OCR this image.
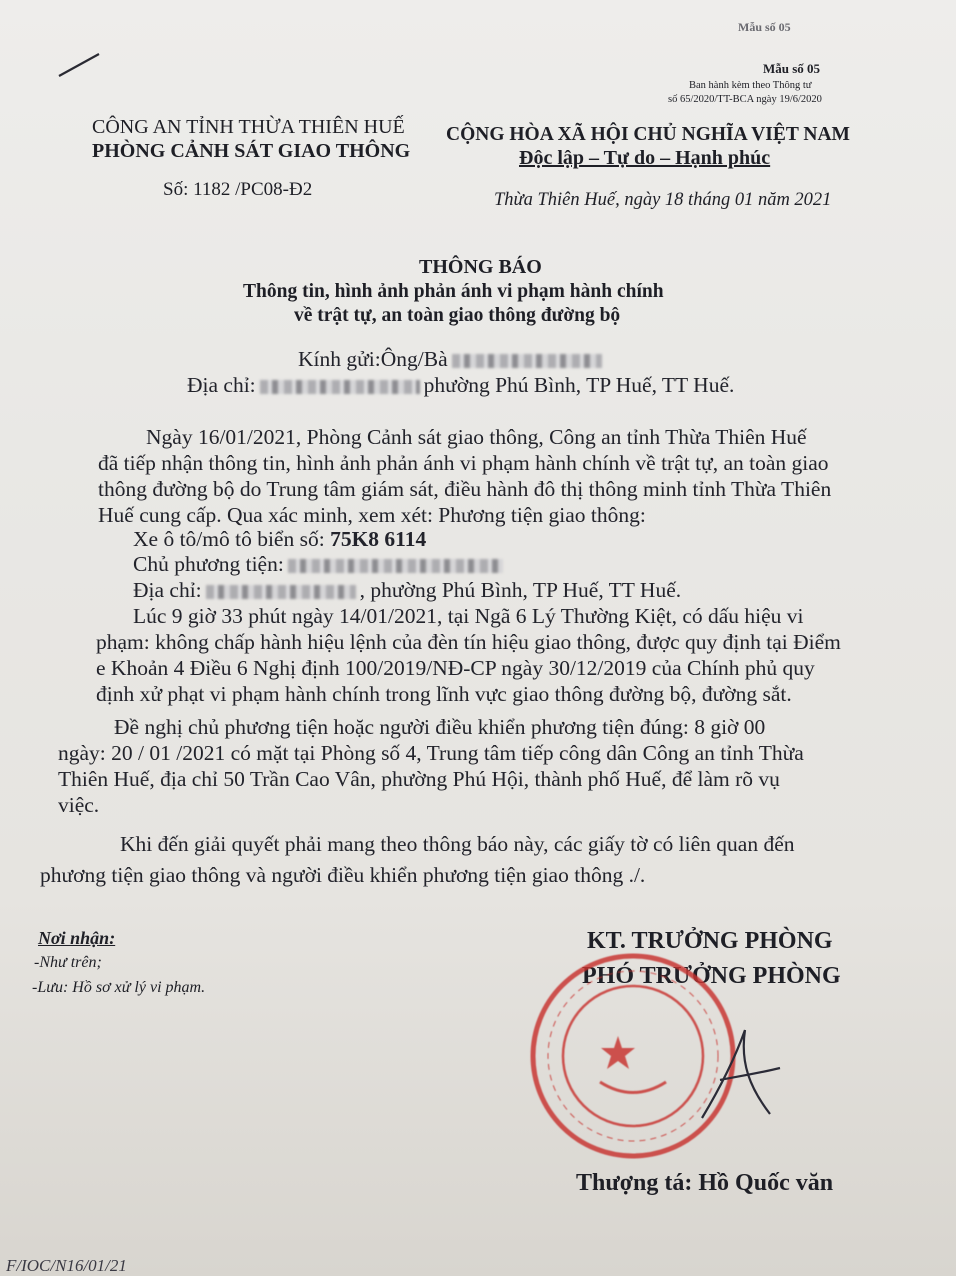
Mẫu số 05
Mẫu số 05
Ban hành kèm theo Thông tư
số 65/2020/TT-BCA ngày 19/6/2020
CÔNG AN TỈNH THỪA THIÊN HUẾ
PHÒNG CẢNH SÁT GIAO THÔNG
Số: 1182 /PC08-Đ2
CỘNG HÒA XÃ HỘI CHỦ NGHĨA VIỆT NAM
Độc lập – Tự do – Hạnh phúc
Thừa Thiên Huế, ngày 18 tháng 01 năm 2021
THÔNG BÁO
Thông tin, hình ảnh phản ánh vi phạm hành chính
về trật tự, an toàn giao thông đường bộ
Kính gửi:Ông/Bà
Địa chỉ:	phường Phú Bình, TP Huế, TT Huế.
Ngày 16/01/2021, Phòng Cảnh sát giao thông, Công an tỉnh Thừa Thiên Huế
đã tiếp nhận thông tin, hình ảnh phản ánh vi phạm hành chính về trật tự, an toàn giao
thông đường bộ do Trung tâm giám sát, điều hành đô thị thông minh tỉnh Thừa Thiên
Huế cung cấp. Qua xác minh, xem xét: Phương tiện giao thông:
Xe ô tô/mô tô biển số: 75K8 6114
Chủ phương tiện:
Địa chỉ:	, phường Phú Bình, TP Huế, TT Huế.
Lúc 9 giờ 33 phút ngày 14/01/2021, tại Ngã 6 Lý Thường Kiệt, có dấu hiệu vi
phạm: không chấp hành hiệu lệnh của đèn tín hiệu giao thông, được quy định tại Điểm
e Khoản 4 Điều 6 Nghị định 100/2019/NĐ-CP ngày 30/12/2019 của Chính phủ quy
định xử phạt vi phạm hành chính trong lĩnh vực giao thông đường bộ, đường sắt.
Đề nghị chủ phương tiện hoặc người điều khiển phương tiện đúng: 8 giờ 00
ngày: 20 / 01 /2021 có mặt tại Phòng số 4, Trung tâm tiếp công dân Công an tỉnh Thừa
Thiên Huế, địa chỉ 50 Trần Cao Vân, phường Phú Hội, thành phố Huế, để làm rõ vụ
việc.
Khi đến giải quyết phải mang theo thông báo này, các giấy tờ có liên quan đến
phương tiện giao thông và người điều khiển phương tiện giao thông ./.
Nơi nhận:
-Như trên;
-Lưu: Hồ sơ xử lý vi phạm.
KT. TRƯỞNG PHÒNG
PHÓ TRƯỞNG PHÒNG
Thượng tá: Hồ Quốc văn
F/IOC/N16/01/21
